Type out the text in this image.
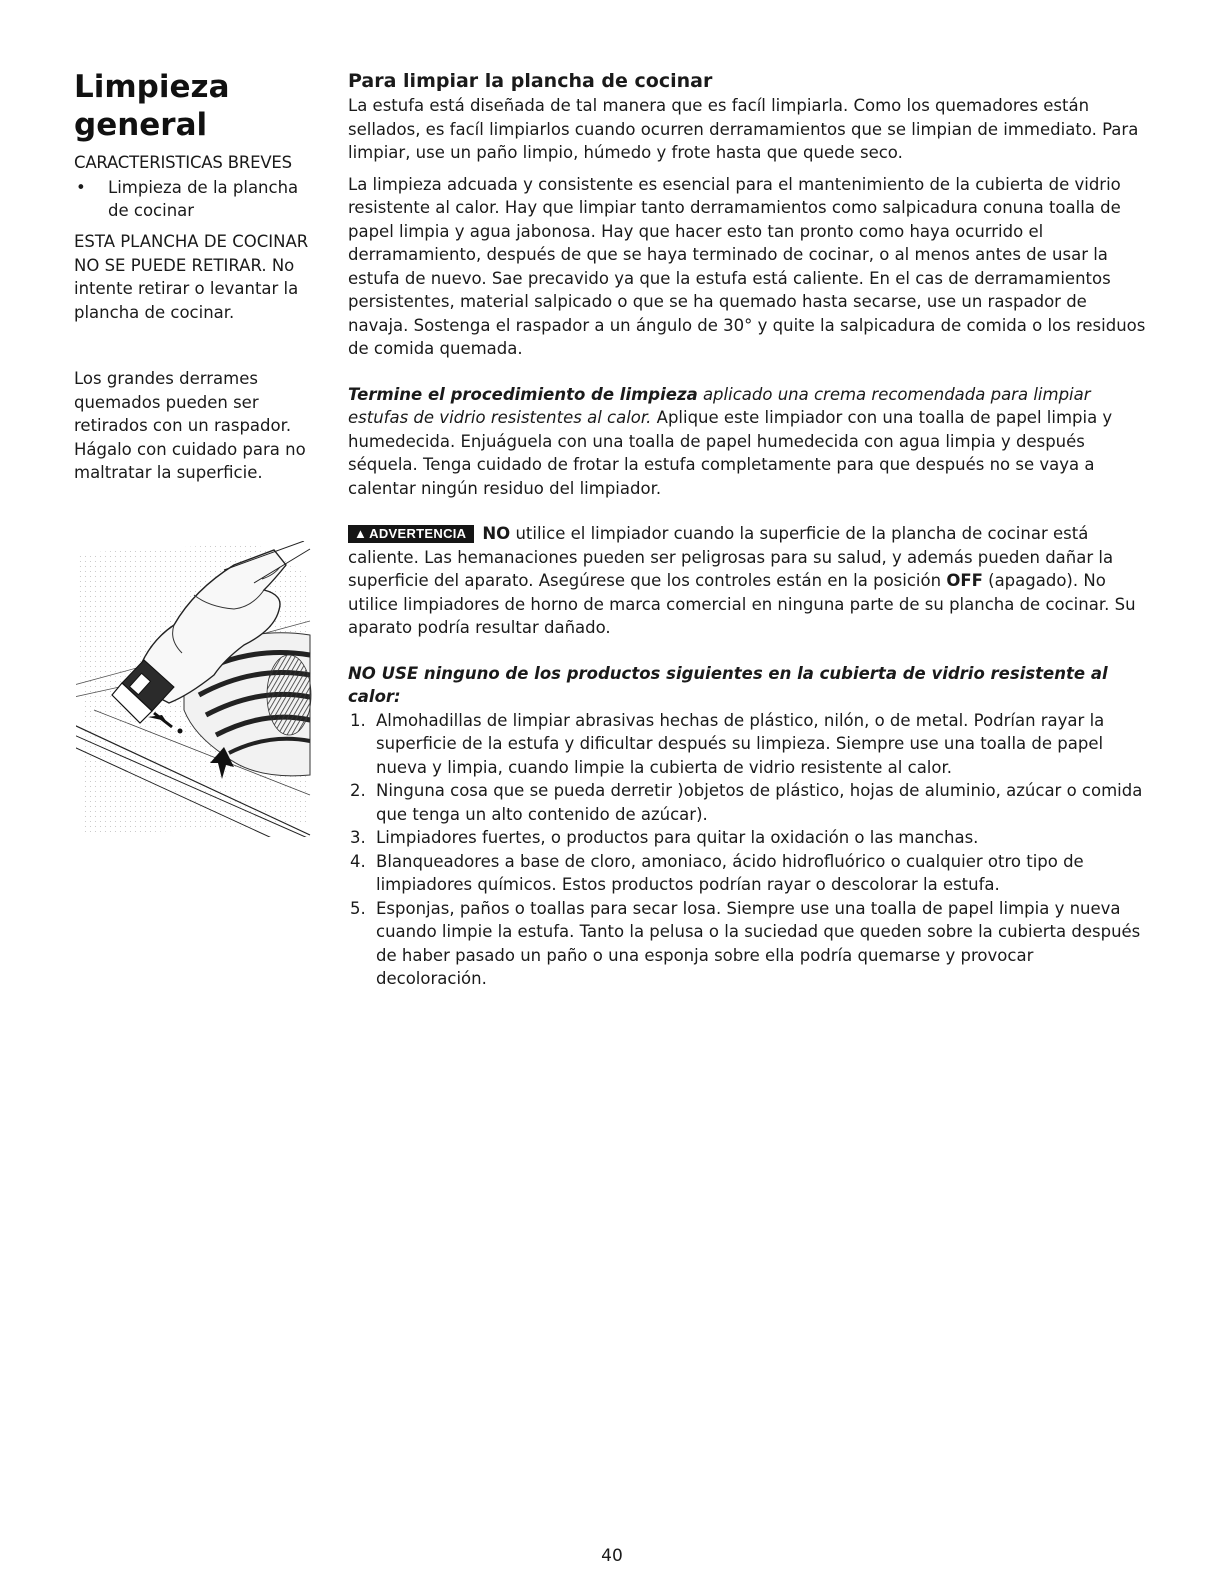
Limpieza
general
CARACTERISTICAS BREVES
• Limpieza de la plancha de cocinar

ESTA PLANCHA DE COCINAR NO SE PUEDE RETIRAR. No intente retirar o levantar la plancha de cocinar.

Los grandes derrames quemados pueden ser retirados con un raspador. Hágalo con cuidado para no maltratar la superficie.

Para limpiar la plancha de cocinar

La estufa está diseñada de tal manera que es facíl limpiarla. Como los quemadores están sellados, es facíl limpiarlos cuando ocurren derramamientos que se limpian de immediato. Para limpiar, use un paño limpio, húmedo y frote hasta que quede seco.

La limpieza adcuada y consistente es esencial para el mantenimiento de la cubierta de vidrio resistente al calor. Hay que limpiar tanto derramamientos como salpicadura conuna toalla de papel limpia y agua jabonosa. Hay que hacer esto tan pronto como haya ocurrido el derramamiento, después de que se haya terminado de cocinar, o al menos antes de usar la estufa de nuevo. Sae precavido ya que la estufa está caliente. En el cas de derramamientos persistentes, material salpicado o que se ha quemado hasta secarse, use un raspador de navaja. Sostenga el raspador a un ángulo de 30° y quite la salpicadura de comida o los residuos de comida quemada.

Termine el procedimiento de limpieza aplicado una crema recomendada para limpiar estufas de vidrio resistentes al calor. Aplique este limpiador con una toalla de papel limpia y humedecida. Enjuáguela con una toalla de papel humedecida con agua limpia y después séquela. Tenga cuidado de frotar la estufa completamente para que después no se vaya a calentar ningún residuo del limpiador.

▲ ADVERTENCIA NO utilice el limpiador cuando la superficie de la plancha de cocinar está caliente. Las hemanaciones pueden ser peligrosas para su salud, y además pueden dañar la superficie del aparato. Asegúrese que los controles están en la posición OFF (apagado). No utilice limpiadores de horno de marca comercial en ninguna parte de su plancha de cocinar. Su aparato podría resultar dañado.

NO USE ninguno de los productos siguientes en la cubierta de vidrio resistente al calor:
1. Almohadillas de limpiar abrasivas hechas de plástico, nilón, o de metal. Podrían rayar la superficie de la estufa y dificultar después su limpieza. Siempre use una toalla de papel nueva y limpia, cuando limpie la cubierta de vidrio resistente al calor.
2. Ninguna cosa que se pueda derretir )objetos de plástico, hojas de aluminio, azúcar o comida que tenga un alto contenido de azúcar).
3. Limpiadores fuertes, o productos para quitar la oxidación o las manchas.
4. Blanqueadores a base de cloro, amoniaco, ácido hidrofluórico o cualquier otro tipo de limpiadores químicos. Estos productos podrían rayar o descolorar la estufa.
5. Esponjas, paños o toallas para secar losa. Siempre use una toalla de papel limpia y nueva cuando limpie la estufa. Tanto la pelusa o la suciedad que queden sobre la cubierta después de haber pasado un paño o una esponja sobre ella podría quemarse y provocar decoloración.
40
